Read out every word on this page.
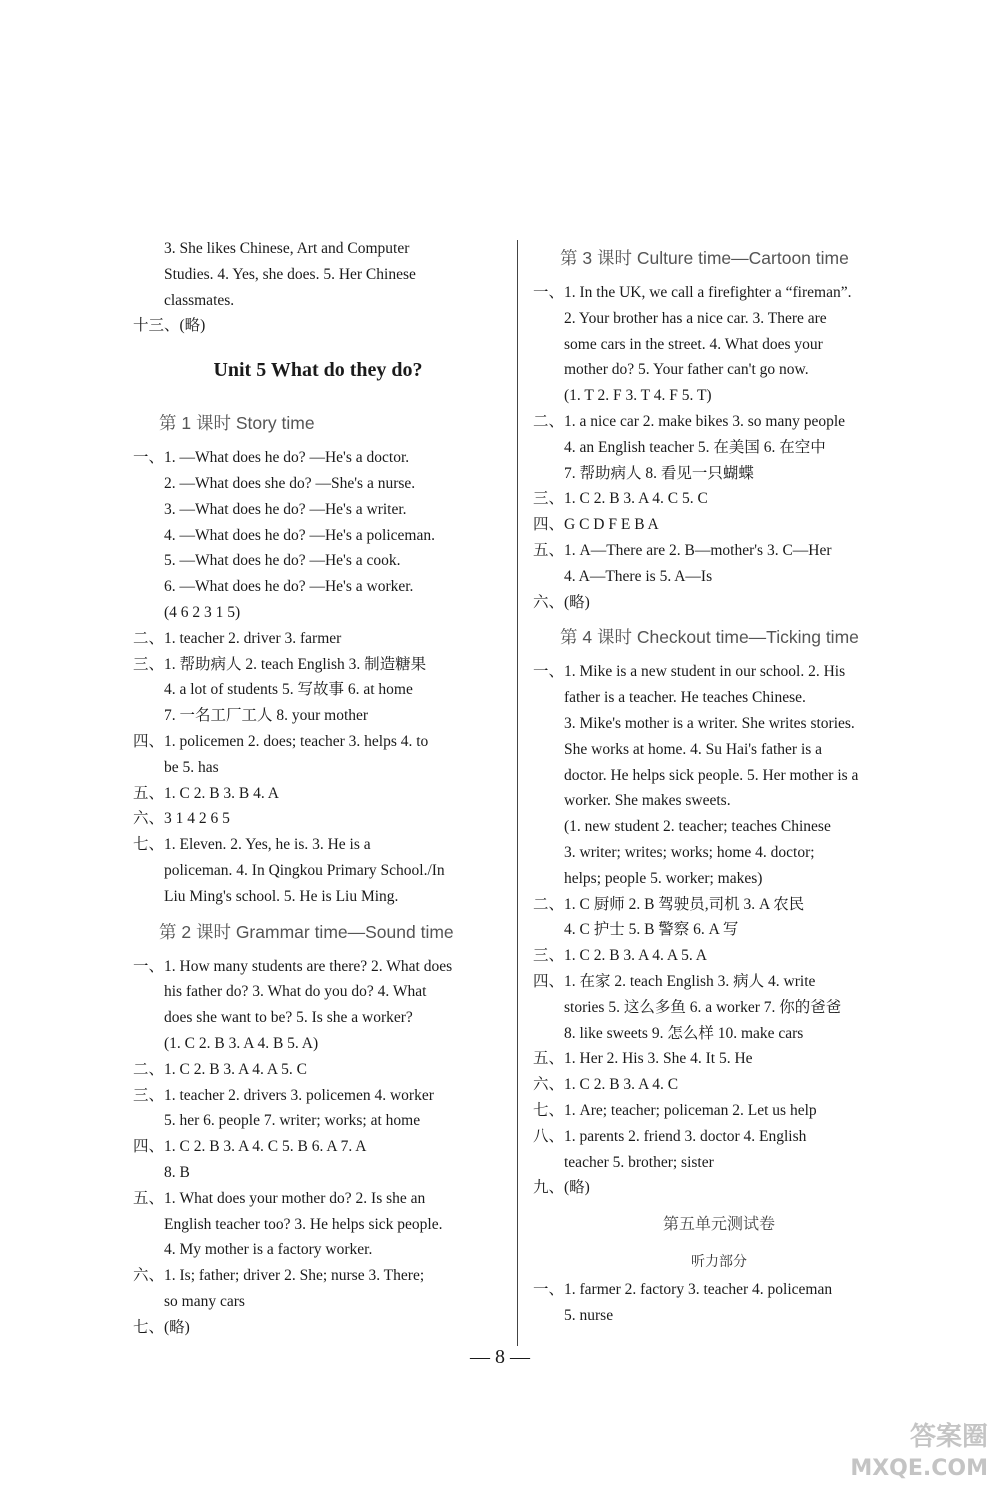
3. She likes Chinese, Art and Computer
Studies. 4. Yes, she does. 5. Her Chinese
classmates.
十三、(略)
Unit 5 What do they do?
第 1 课时 Story time
一、1. —What does he do? —He's a doctor.
2. —What does she do? —She's a nurse.
3. —What does he do? —He's a writer.
4. —What does he do? —He's a policeman.
5. —What does he do? —He's a cook.
6. —What does he do? —He's a worker.
(4 6 2 3 1 5)
二、1. teacher 2. driver 3. farmer
三、1. 帮助病人 2. teach English 3. 制造糖果
4. a lot of students 5. 写故事 6. at home
7. 一名工厂工人 8. your mother
四、1. policemen 2. does; teacher 3. helps 4. to
be 5. has
五、1. C 2. B 3. B 4. A
六、3 1 4 2 6 5
七、1. Eleven. 2. Yes, he is. 3. He is a
policeman. 4. In Qingkou Primary School./In
Liu Ming's school. 5. He is Liu Ming.
第 2 课时 Grammar time—Sound time
一、1. How many students are there? 2. What does
his father do? 3. What do you do? 4. What
does she want to be? 5. Is she a worker?
(1. C 2. B 3. A 4. B 5. A)
二、1. C 2. B 3. A 4. A 5. C
三、1. teacher 2. drivers 3. policemen 4. worker
5. her 6. people 7. writer; works; at home
四、1. C 2. B 3. A 4. C 5. B 6. A 7. A
8. B
五、1. What does your mother do? 2. Is she an
English teacher too? 3. He helps sick people.
4. My mother is a factory worker.
六、1. Is; father; driver 2. She; nurse 3. There;
so many cars
七、(略)
第 3 课时 Culture time—Cartoon time
一、1. In the UK, we call a firefighter a “fireman”.
2. Your brother has a nice car. 3. There are
some cars in the street. 4. What does your
mother do? 5. Your father can't go now.
(1. T 2. F 3. T 4. F 5. T)
二、1. a nice car 2. make bikes 3. so many people
4. an English teacher 5. 在美国 6. 在空中
7. 帮助病人 8. 看见一只蝴蝶
三、1. C 2. B 3. A 4. C 5. C
四、G C D F E B A
五、1. A—There are 2. B—mother's 3. C—Her
4. A—There is 5. A—Is
六、(略)
第 4 课时 Checkout time—Ticking time
一、1. Mike is a new student in our school. 2. His
father is a teacher. He teaches Chinese.
3. Mike's mother is a writer. She writes stories.
She works at home. 4. Su Hai's father is a
doctor. He helps sick people. 5. Her mother is a
worker. She makes sweets.
(1. new student 2. teacher; teaches Chinese
3. writer; writes; works; home 4. doctor;
helps; people 5. worker; makes)
二、1. C 厨师 2. B 驾驶员,司机 3. A 农民
4. C 护士 5. B 警察 6. A 写
三、1. C 2. B 3. A 4. A 5. A
四、1. 在家 2. teach English 3. 病人 4. write
stories 5. 这么多鱼 6. a worker 7. 你的爸爸
8. like sweets 9. 怎么样 10. make cars
五、1. Her 2. His 3. She 4. It 5. He
六、1. C 2. B 3. A 4. C
七、1. Are; teacher; policeman 2. Let us help
八、1. parents 2. friend 3. doctor 4. English
teacher 5. brother; sister
九、(略)
第五单元测试卷
听力部分
一、1. farmer 2. factory 3. teacher 4. policeman
5. nurse
— 8 —
答案圈
MXQE.COM
